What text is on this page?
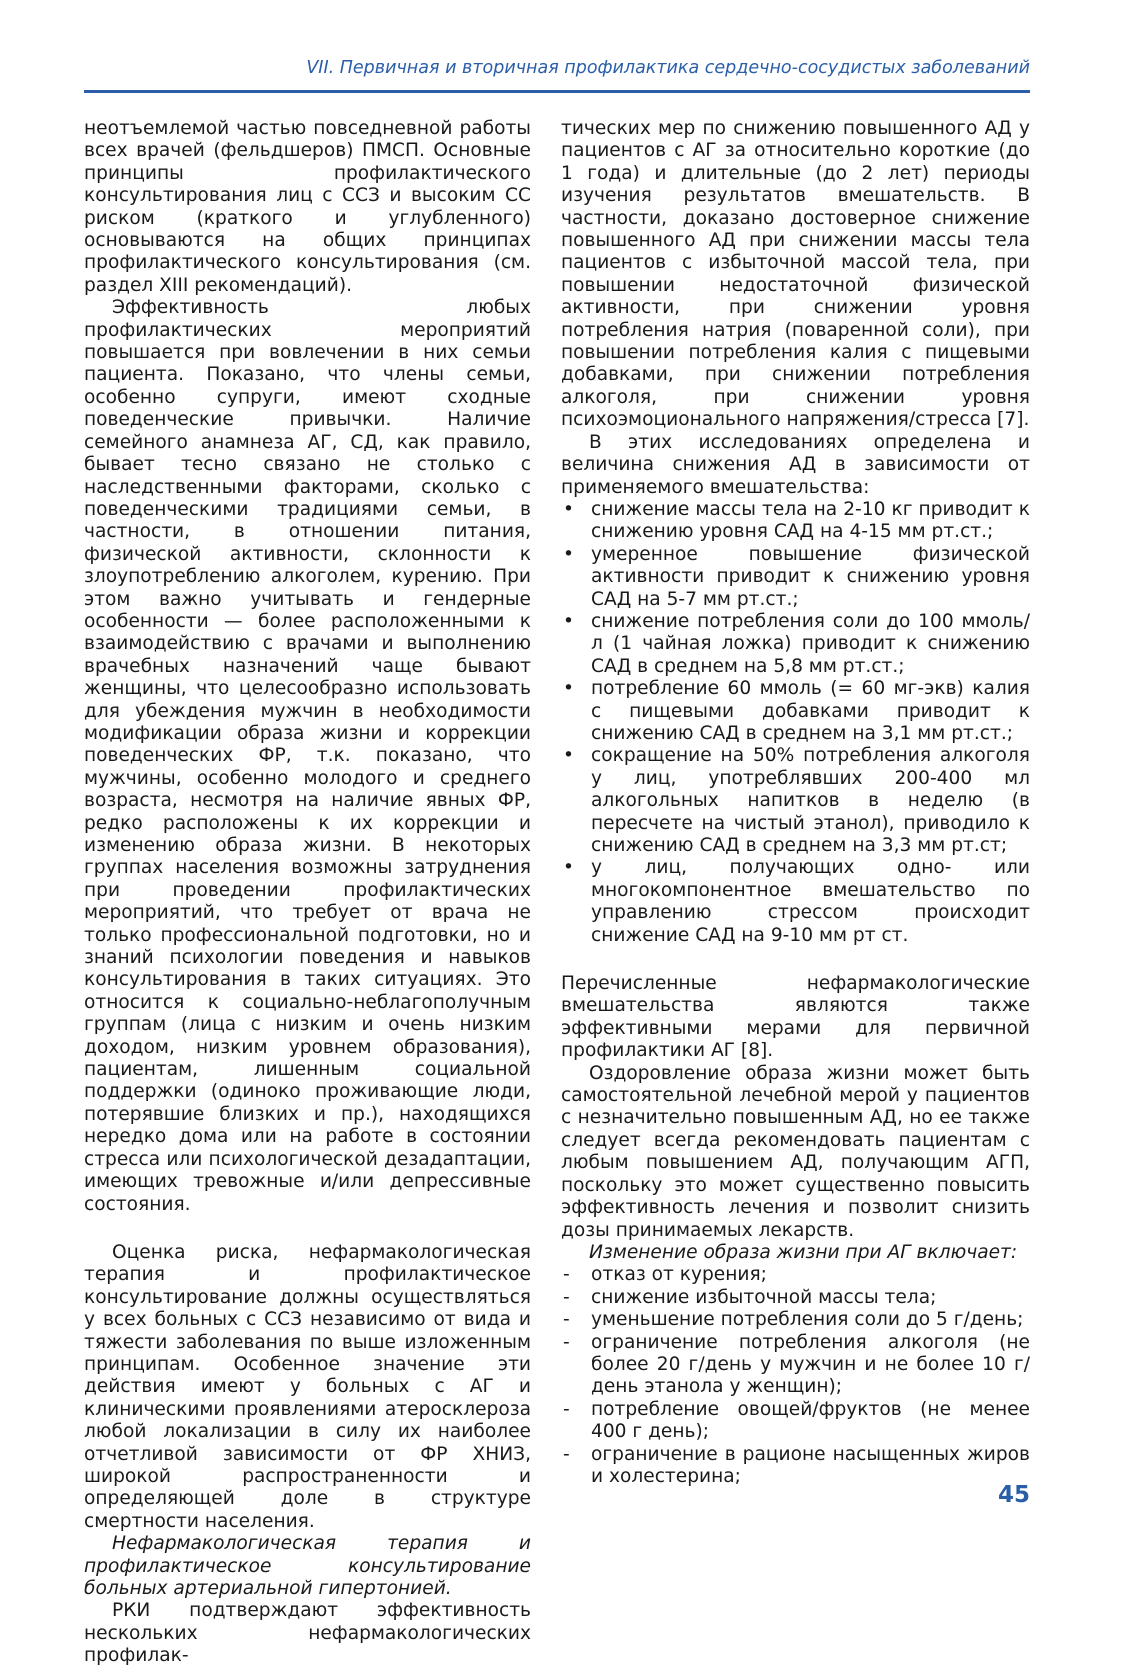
VII. Первичная и вторичная профилактика сердечно-сосудистых заболеваний

неотъемлемой частью повседневной работы всех врачей (фельдшеров) ПМСП. Основные принципы профилактического консультирования лиц с ССЗ и высоким СС риском (краткого и углубленного) основываются на общих принципах профилактического консультирования (см. раздел XIII рекомендаций).

Эффективность любых профилактических мероприятий повышается при вовлечении в них семьи пациента. Показано, что члены семьи, особенно супруги, имеют сходные поведенческие привычки. Наличие семейного анамнеза АГ, СД, как правило, бывает тесно связано не столько с наследственными факторами, сколько с поведенческими традициями семьи, в частности, в отношении питания, физической активности, склонности к злоупотреблению алкоголем, курению. При этом важно учитывать и гендерные особенности — более расположенными к взаимодействию с врачами и выполнению врачебных назначений чаще бывают женщины, что целесообразно использовать для убеждения мужчин в необходимости модификации образа жизни и коррекции поведенческих ФР, т.к. показано, что мужчины, особенно молодого и среднего возраста, несмотря на наличие явных ФР, редко расположены к их коррекции и изменению образа жизни. В некоторых группах населения возможны затруднения при проведении профилактических мероприятий, что требует от врача не только профессиональной подготовки, но и знаний психологии поведения и навыков консультирования в таких ситуациях. Это относится к социально-неблагополучным группам (лица с низким и очень низким доходом, низким уровнем образования), пациентам, лишенным социальной поддержки (одиноко проживающие люди, потерявшие близких и пр.), находящихся нередко дома или на работе в состоянии стресса или психологической дезадаптации, имеющих тревожные и/или депрессивные состояния.

Оценка риска, нефармакологическая терапия и профилактическое консультирование должны осуществляться у всех больных с ССЗ независимо от вида и тяжести заболевания по выше изложенным принципам. Особенное значение эти действия имеют у больных с АГ и клиническими проявлениями атеросклероза любой локализации в силу их наиболее отчетливой зависимости от ФР ХНИЗ, широкой распространенности и определяющей доле в структуре смертности населения.

Нефармакологическая терапия и профилактическое консультирование больных артериальной гипертонией.

РКИ подтверждают эффективность нескольких нефармакологических профилак-

тических мер по снижению повышенного АД у пациентов с АГ за относительно короткие (до 1 года) и длительные (до 2 лет) периоды изучения результатов вмешательств. В частности, доказано достоверное снижение повышенного АД при снижении массы тела пациентов с избыточной массой тела, при повышении недостаточной физической активности, при снижении уровня потребления натрия (поваренной соли), при повышении потребления калия с пищевыми добавками, при снижении потребления алкоголя, при снижении уровня психоэмоционального напряжения/стресса [7].

В этих исследованиях определена и величина снижения АД в зависимости от применяемого вмешательства:

• снижение массы тела на 2-10 кг приводит к снижению уровня САД на 4-15 мм рт.ст.;
• умеренное повышение физической активности приводит к снижению уровня САД на 5-7 мм рт.ст.;
• снижение потребления соли до 100 ммоль/л (1 чайная ложка) приводит к снижению САД в среднем на 5,8 мм рт.ст.;
• потребление 60 ммоль (= 60 мг-экв) калия с пищевыми добавками приводит к снижению САД в среднем на 3,1 мм рт.ст.;
• сокращение на 50% потребления алкоголя у лиц, употреблявших 200-400 мл алкогольных напитков в неделю (в пересчете на чистый этанол), приводило к снижению САД в среднем на 3,3 мм рт.ст;
• у лиц, получающих одно- или многокомпонентное вмешательство по управлению стрессом происходит снижение САД на 9-10 мм рт ст.

Перечисленные нефармакологические вмешательства являются также эффективными мерами для первичной профилактики АГ [8].

Оздоровление образа жизни может быть самостоятельной лечебной мерой у пациентов с незначительно повышенным АД, но ее также следует всегда рекомендовать пациентам с любым повышением АД, получающим АГП, поскольку это может существенно повысить эффективность лечения и позволит снизить дозы принимаемых лекарств.

Изменение образа жизни при АГ включает:

- отказ от курения;
- снижение избыточной массы тела;
- уменьшение потребления соли до 5 г/день;
- ограничение потребления алкоголя (не более 20 г/день у мужчин и не более 10 г/день этанола у женщин);
- потребление овощей/фруктов (не менее 400 г день);
- ограничение в рационе насыщенных жиров и холестерина;
45
